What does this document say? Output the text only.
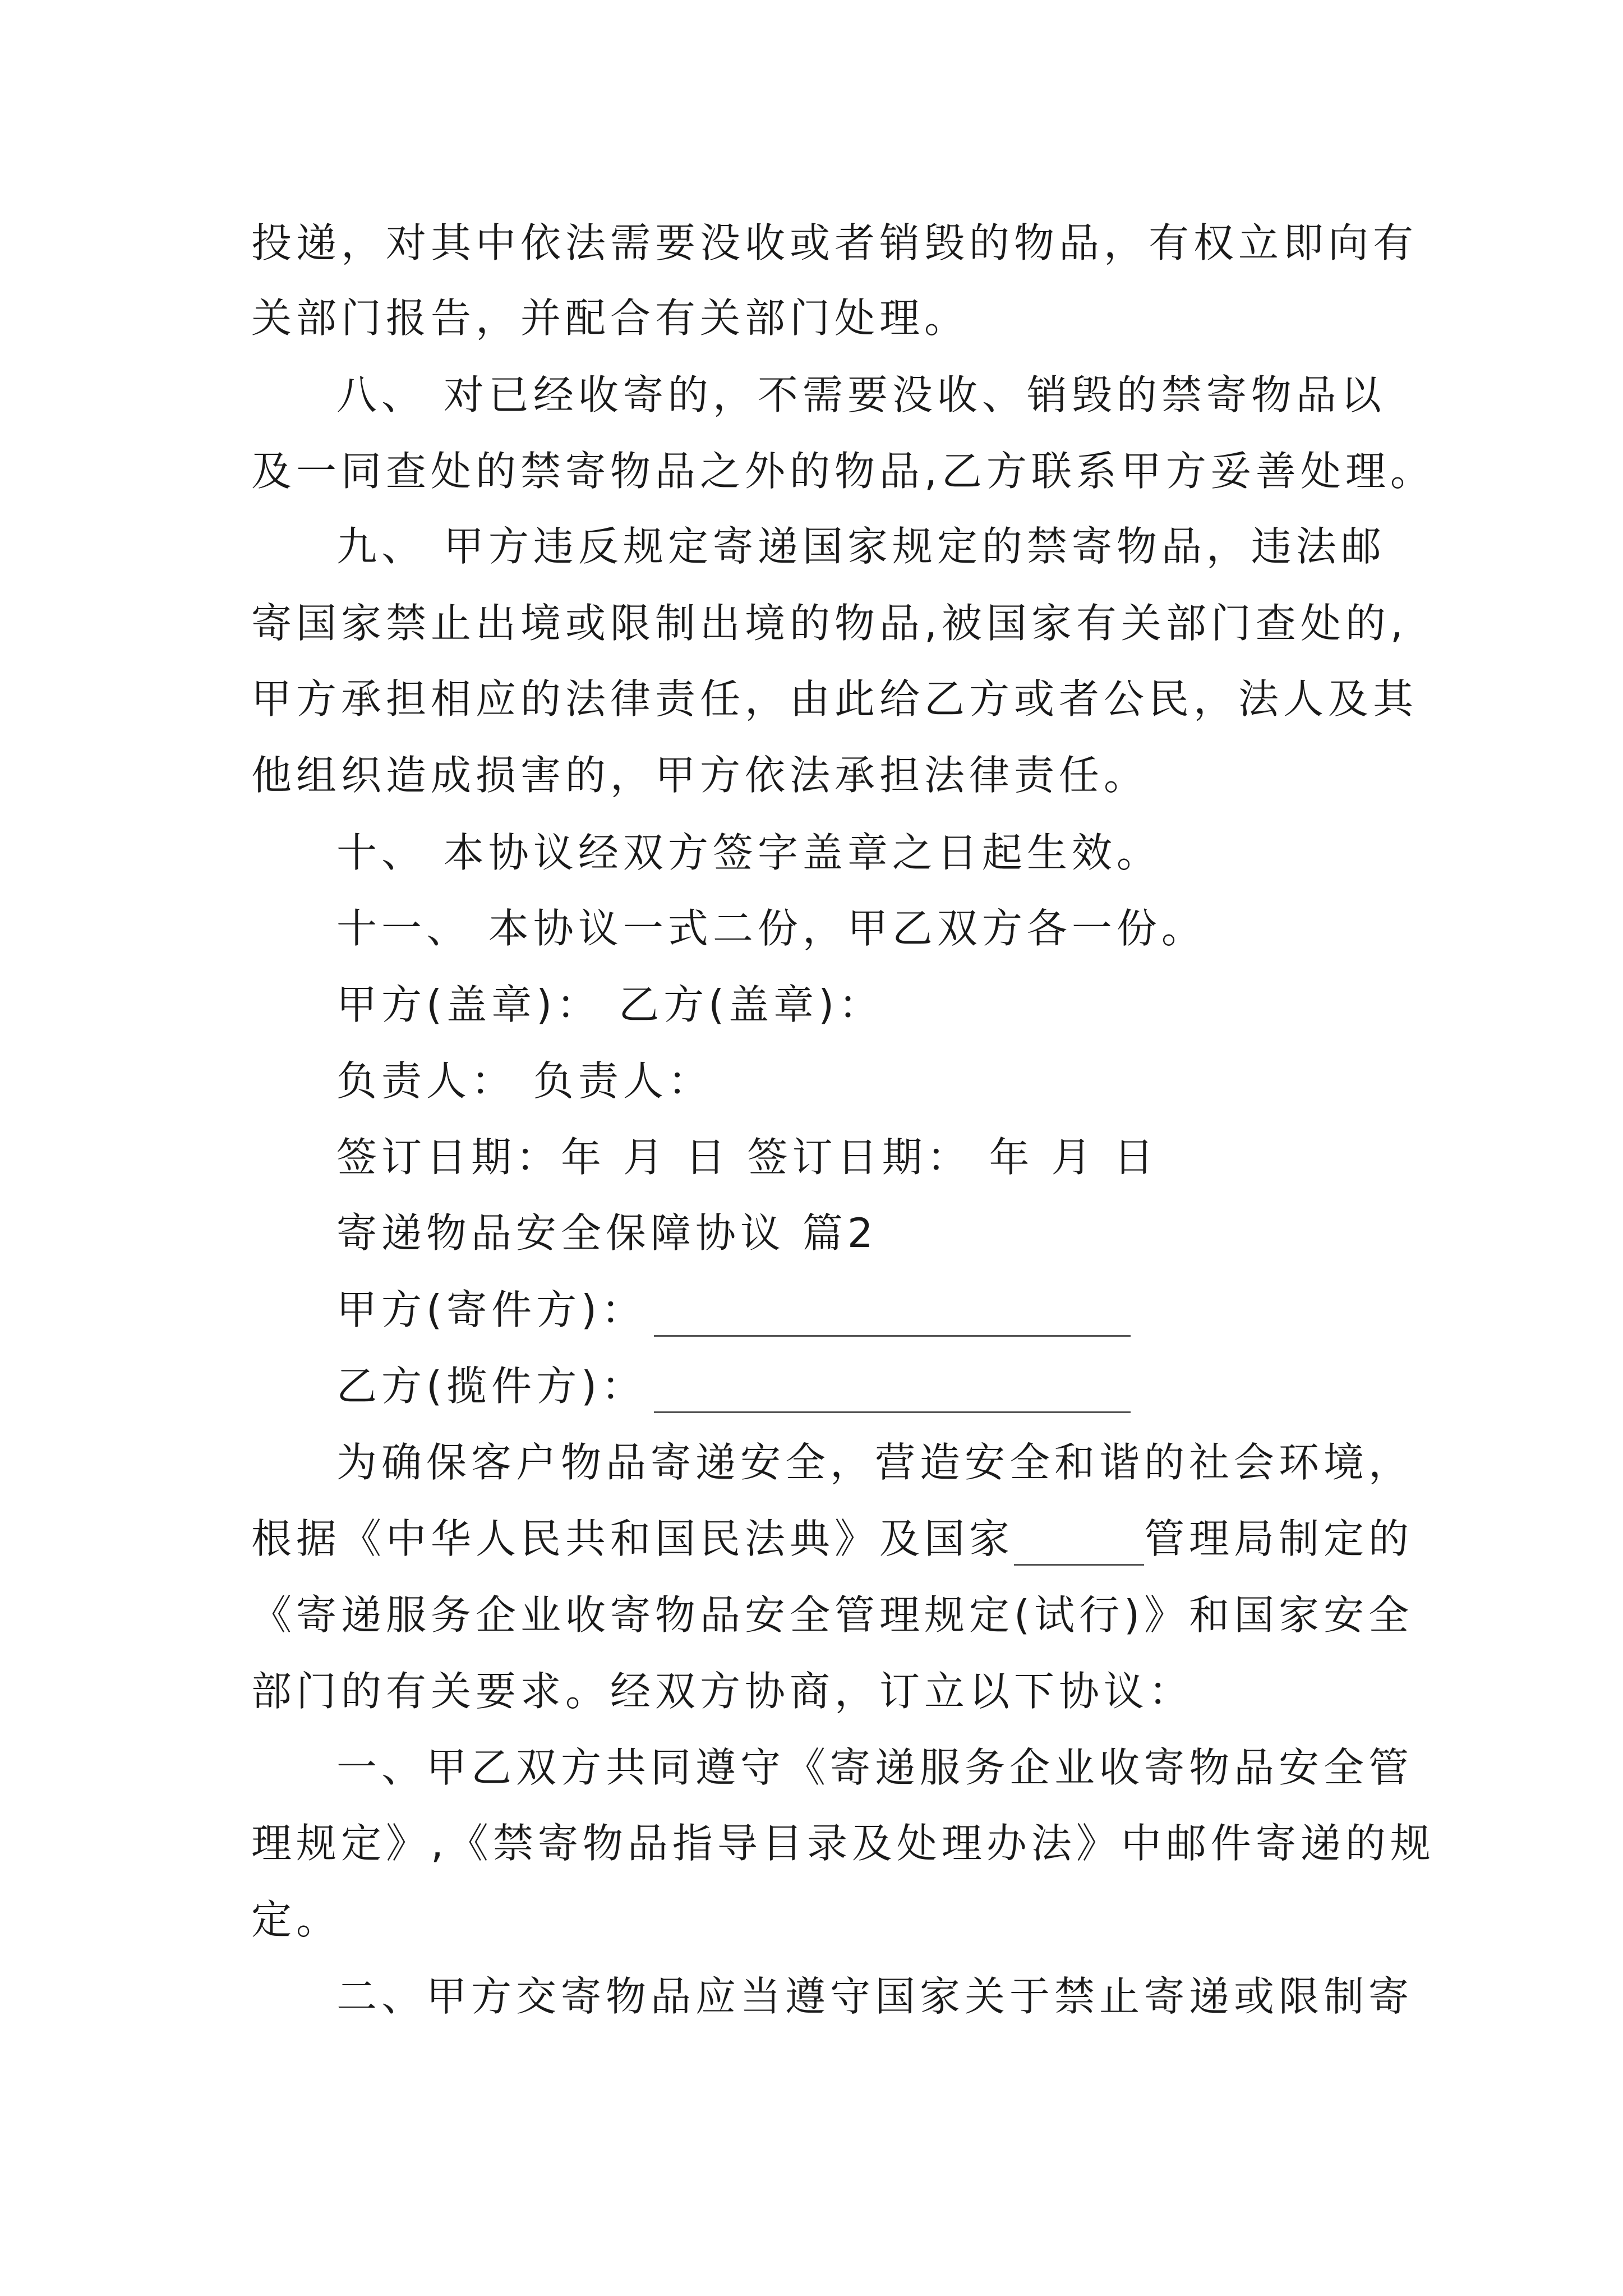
投递，对其中依法需要没收或者销毁的物品，有权立即向有
关部门报告，并配合有关部门处理。
八、 对已经收寄的，不需要没收、销毁的禁寄物品以
及一同查处的禁寄物品之外的物品,乙方联系甲方妥善处理。
九、 甲方违反规定寄递国家规定的禁寄物品，违法邮
寄国家禁止出境或限制出境的物品,被国家有关部门查处的,
甲方承担相应的法律责任，由此给乙方或者公民，法人及其
他组织造成损害的，甲方依法承担法律责任。
十、 本协议经双方签字盖章之日起生效。
十一、 本协议一式二份，甲乙双方各一份。
甲方(盖章)： 乙方(盖章)：
负责人： 负责人：
签订日期：年 月 日 签订日期： 年 月 日
寄递物品安全保障协议 篇2
甲方(寄件方)：
乙方(揽件方)：
为确保客户物品寄递安全，营造安全和谐的社会环境，
根据《中华人民共和国民法典》及国家	管理局制定的
《寄递服务企业收寄物品安全管理规定(试行)》和国家安全
部门的有关要求。经双方协商，订立以下协议：
一、甲乙双方共同遵守《寄递服务企业收寄物品安全管
理规定》,《禁寄物品指导目录及处理办法》中邮件寄递的规
定。
二、甲方交寄物品应当遵守国家关于禁止寄递或限制寄
